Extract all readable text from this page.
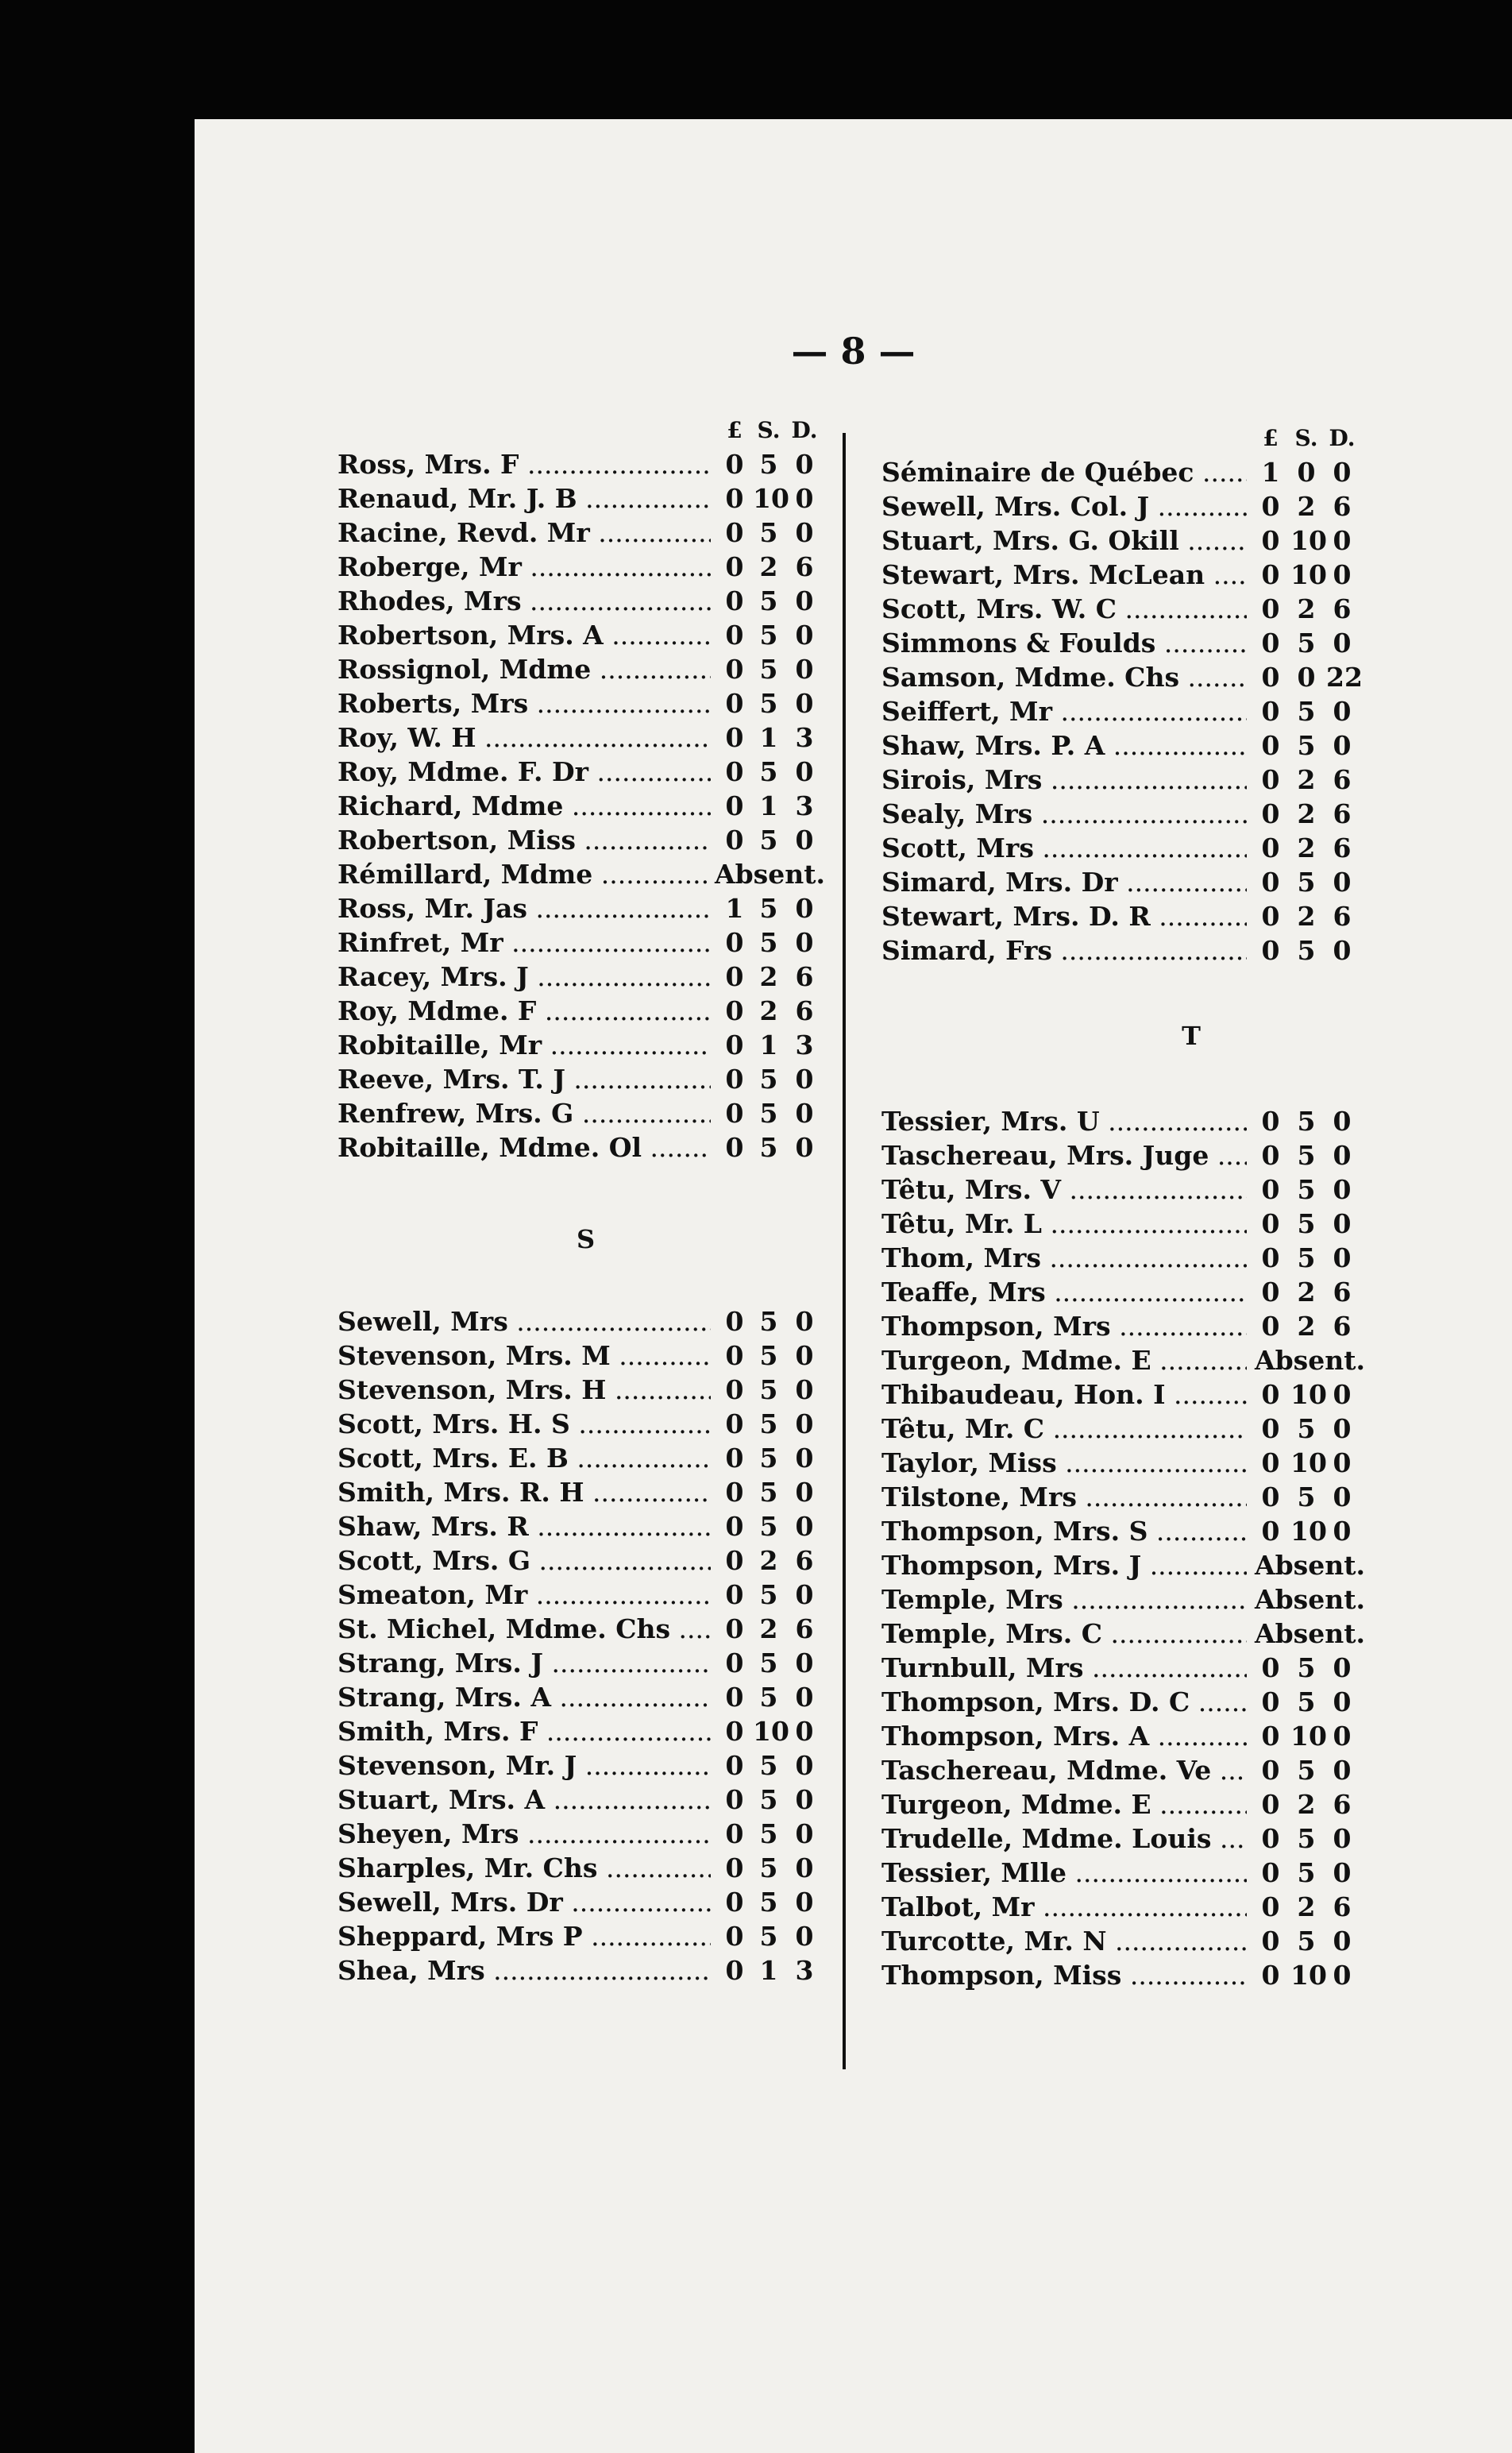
— 8 —
£ S. D.
Ross, Mrs. F .....	0 5 0
Renaud, Mr. J. B .....	0 10 0
Racine, Revd. Mr .....	0 5 0
Roberge, Mr .....	0 2 6
Rhodes, Mrs .....	0 5 0
Robertson, Mrs. A .....	0 5 0
Rossignol, Mdme .....	0 5 0
Roberts, Mrs .....	0 5 0
Roy, W. H .....	0 1 3
Roy, Mdme. F. Dr .....	0 5 0
Richard, Mdme .....	0 1 3
Robertson, Miss .....	0 5 0
Rémillard, Mdme .....	Absent.
Ross, Mr. Jas .....	1 5 0
Rinfret, Mr .....	0 5 0
Racey, Mrs. J .....	0 2 6
Roy, Mdme. F .....	0 2 6
Robitaille, Mr .....	0 1 3
Reeve, Mrs. T. J .....	0 5 0
Renfrew, Mrs. G .....	0 5 0
Robitaille, Mdme. Ol .....	0 5 0
S
Sewell, Mrs .....	0 5 0
Stevenson, Mrs. M .....	0 5 0
Stevenson, Mrs. H .....	0 5 0
Scott, Mrs. H. S .....	0 5 0
Scott, Mrs. E. B .....	0 5 0
Smith, Mrs. R. H .....	0 5 0
Shaw, Mrs. R .....	0 5 0
Scott, Mrs. G .....	0 2 6
Smeaton, Mr .....	0 5 0
St. Michel, Mdme. Chs .....	0 2 6
Strang, Mrs. J .....	0 5 0
Strang, Mrs. A .....	0 5 0
Smith, Mrs. F .....	0 10 0
Stevenson, Mr. J .....	0 5 0
Stuart, Mrs. A .....	0 5 0
Sheyen, Mrs .....	0 5 0
Sharples, Mr. Chs .....	0 5 0
Sewell, Mrs. Dr .....	0 5 0
Sheppard, Mrs P .....	0 5 0
Shea, Mrs .....	0 1 3
£ S. D.
Séminaire de Québec .....	1 0 0
Sewell, Mrs. Col. J .....	0 2 6
Stuart, Mrs. G. Okill .....	0 10 0
Stewart, Mrs. McLean .....	0 10 0
Scott, Mrs. W. C .....	0 2 6
Simmons & Foulds .....	0 5 0
Samson, Mdme. Chs .....	0 0 22
Seiffert, Mr .....	0 5 0
Shaw, Mrs. P. A .....	0 5 0
Sirois, Mrs .....	0 2 6
Sealy, Mrs .....	0 2 6
Scott, Mrs .....	0 2 6
Simard, Mrs. Dr .....	0 5 0
Stewart, Mrs. D. R .....	0 2 6
Simard, Frs .....	0 5 0
T
Tessier, Mrs. U .....	0 5 0
Taschereau, Mrs. Juge .....	0 5 0
Têtu, Mrs. V .....	0 5 0
Têtu, Mr. L .....	0 5 0
Thom, Mrs .....	0 5 0
Teaffe, Mrs .....	0 2 6
Thompson, Mrs .....	0 2 6
Turgeon, Mdme. E .....	Absent.
Thibaudeau, Hon. I .....	0 10 0
Têtu, Mr. C .....	0 5 0
Taylor, Miss .....	0 10 0
Tilstone, Mrs .....	0 5 0
Thompson, Mrs. S .....	0 10 0
Thompson, Mrs. J .....	Absent.
Temple, Mrs .....	Absent.
Temple, Mrs. C .....	Absent.
Turnbull, Mrs .....	0 5 0
Thompson, Mrs. D. C .....	0 5 0
Thompson, Mrs. A .....	0 10 0
Taschereau, Mdme. Ve .....	0 5 0
Turgeon, Mdme. E .....	0 2 6
Trudelle, Mdme. Louis .....	0 5 0
Tessier, Mlle .....	0 5 0
Talbot, Mr .....	0 2 6
Turcotte, Mr. N .....	0 5 0
Thompson, Miss .....	0 10 0
